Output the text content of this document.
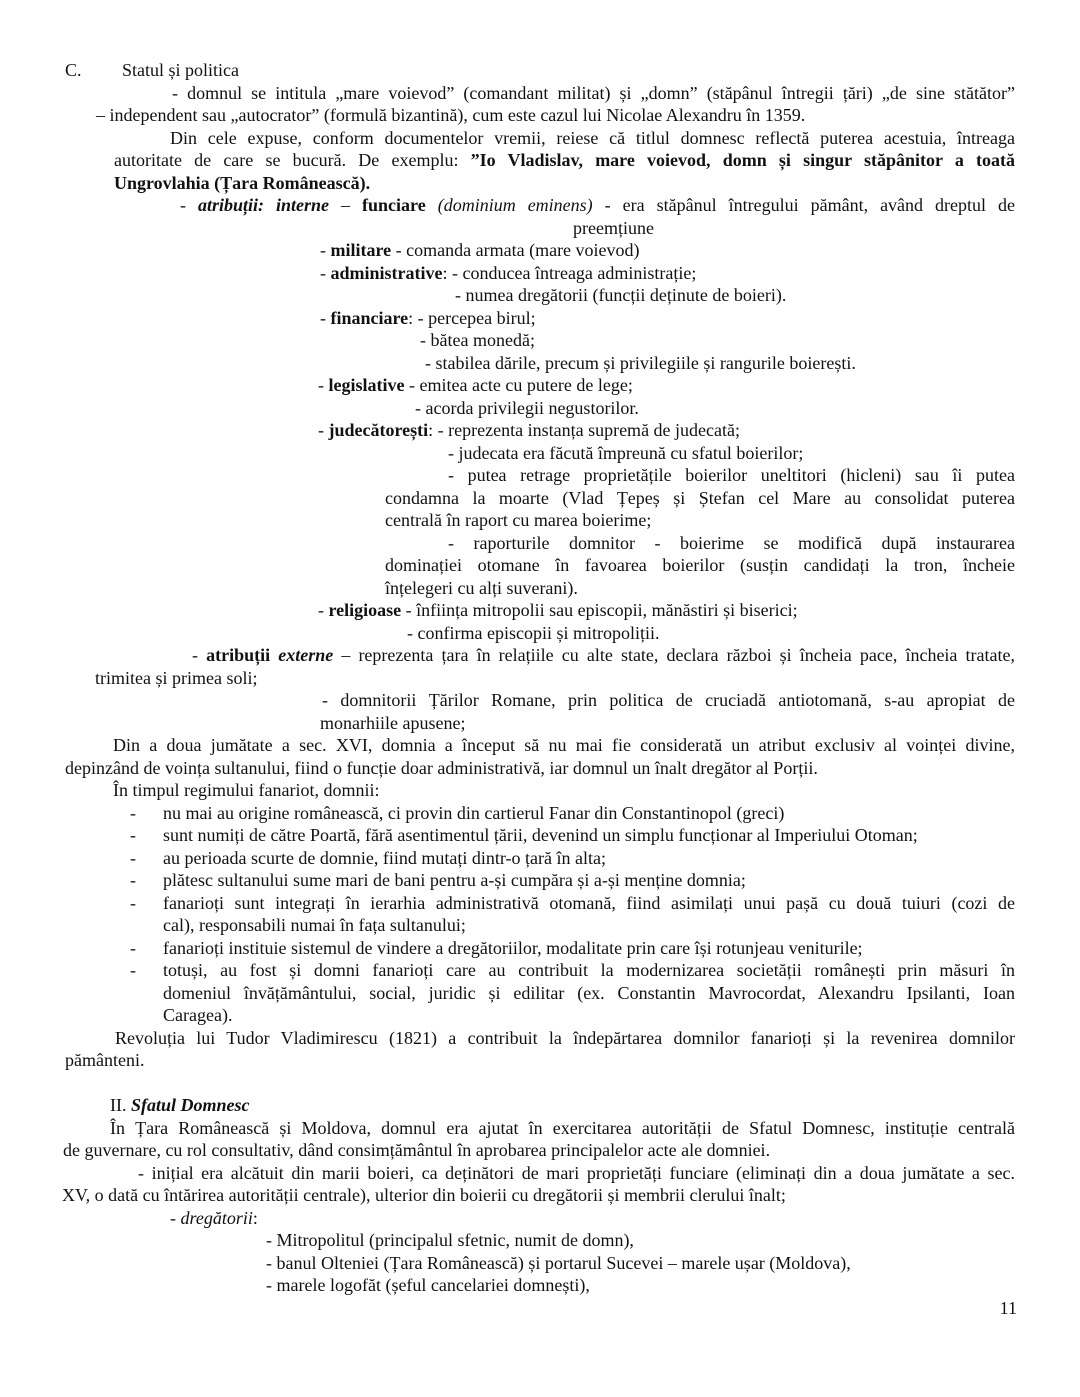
C. Statul și politica
- domnul se intitula „mare voievod” (comandant militat) și „domn” (stăpânul întregii țări) „de sine stătător”
– independent sau „autocrator” (formulă bizantină), cum este cazul lui Nicolae Alexandru în 1359.
Din cele expuse, conform documentelor vremii, reiese că titlul domnesc reflectă puterea acestuia, întreaga
autoritate de care se bucură. De exemplu: ”Io Vladislav, mare voievod, domn și singur stăpânitor a toată
Ungrovlahia (Țara Românească).
- atribuții: interne – funciare (dominium eminens) - era stăpânul întregului pământ, având dreptul de
preemțiune
- militare - comanda armata (mare voievod)
- administrative: - conducea întreaga administrație;
- numea dregătorii (funcții deținute de boieri).
- financiare: - percepea birul;
- bătea monedă;
- stabilea dările, precum și privilegiile și rangurile boierești.
- legislative - emitea acte cu putere de lege;
- acorda privilegii negustorilor.
- judecătorești: - reprezenta instanța supremă de judecată;
- judecata era făcută împreună cu sfatul boierilor;
- putea retrage proprietățile boierilor uneltitori (hicleni) sau îi putea
condamna la moarte (Vlad Țepeș și Ștefan cel Mare au consolidat puterea
centrală în raport cu marea boierime;
- raporturile domnitor - boierime se modifică după instaurarea
dominației otomane în favoarea boierilor (susțin candidați la tron, încheie
înțelegeri cu alți suverani).
- religioase - înființa mitropolii sau episcopii, mănăstiri și biserici;
- confirma episcopii și mitropoliții.
- atribuții externe – reprezenta țara în relațiile cu alte state, declara război și încheia pace, încheia tratate,
trimitea și primea soli;
- domnitorii Țărilor Romane, prin politica de cruciadă antiotomană, s-au apropiat de
monarhiile apusene;
Din a doua jumătate a sec. XVI, domnia a început să nu mai fie considerată un atribut exclusiv al voinței divine,
depinzând de voința sultanului, fiind o funcție doar administrativă, iar domnul un înalt dregător al Porții.
În timpul regimului fanariot, domnii:
- nu mai au origine românească, ci provin din cartierul Fanar din Constantinopol (greci)
- sunt numiți de către Poartă, fără asentimentul țării, devenind un simplu funcționar al Imperiului Otoman;
- au perioada scurte de domnie, fiind mutați dintr-o țară în alta;
- plătesc sultanului sume mari de bani pentru a-și cumpăra și a-și menține domnia;
- fanarioți sunt integrați în ierarhia administrativă otomană, fiind asimilați unui pașă cu două tuiuri (cozi de
cal), responsabili numai în fața sultanului;
- fanarioți instituie sistemul de vindere a dregătoriilor, modalitate prin care își rotunjeau veniturile;
- totuși, au fost și domni fanarioți care au contribuit la modernizarea societății românești prin măsuri în
domeniul învățământului, social, juridic și edilitar (ex. Constantin Mavrocordat, Alexandru Ipsilanti, Ioan
Caragea).
Revoluția lui Tudor Vladimirescu (1821) a contribuit la îndepărtarea domnilor fanarioți și la revenirea domnilor
pământeni.
II. Sfatul Domnesc
În Țara Românească și Moldova, domnul era ajutat în exercitarea autorității de Sfatul Domnesc, instituție centrală
de guvernare, cu rol consultativ, dând consimțământul în aprobarea principalelor acte ale domniei.
- inițial era alcătuit din marii boieri, ca deținători de mari proprietăți funciare (eliminați din a doua jumătate a sec.
XV, o dată cu întărirea autorității centrale), ulterior din boierii cu dregătorii și membrii clerului înalt;
- dregătorii:
- Mitropolitul (principalul sfetnic, numit de domn),
- banul Olteniei (Țara Românească) și portarul Sucevei – marele ușar (Moldova),
- marele logofăt (șeful cancelariei domnești),
11
